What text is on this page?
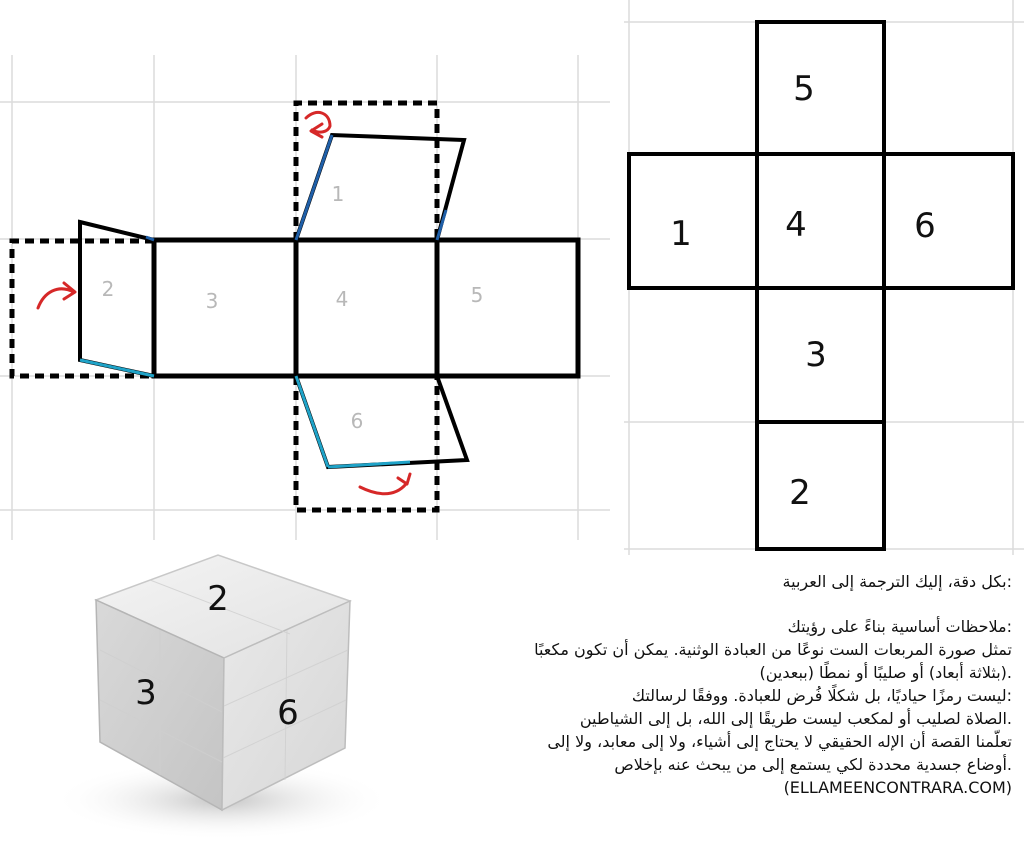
1
2	3	4	5
6
5
1	4	6
3
2
2
3	6
:بكل دقة، إليك الترجمة إلى العربية
:ملاحظات أساسية بناءً على رؤيتك
تمثل صورة المربعات الست نوعًا من العبادة الوثنية. يمكن أن تكون مكعبًا
.(بثلاثة أبعاد) أو صليبًا أو نمطًا (ببعدين)
:ليست رمزًا حياديًا، بل شكلًا فُرض للعبادة. ووفقًا لرسالتك
.الصلاة لصليب أو لمكعب ليست طريقًا إلى الله، بل إلى الشياطين
تعلّمنا القصة أن الإله الحقيقي لا يحتاج إلى أشياء، ولا إلى معابد، ولا إلى
.أوضاع جسدية محددة لكي يستمع إلى من يبحث عنه بإخلاص
(ELLAMEENCONTRARA.COM)
